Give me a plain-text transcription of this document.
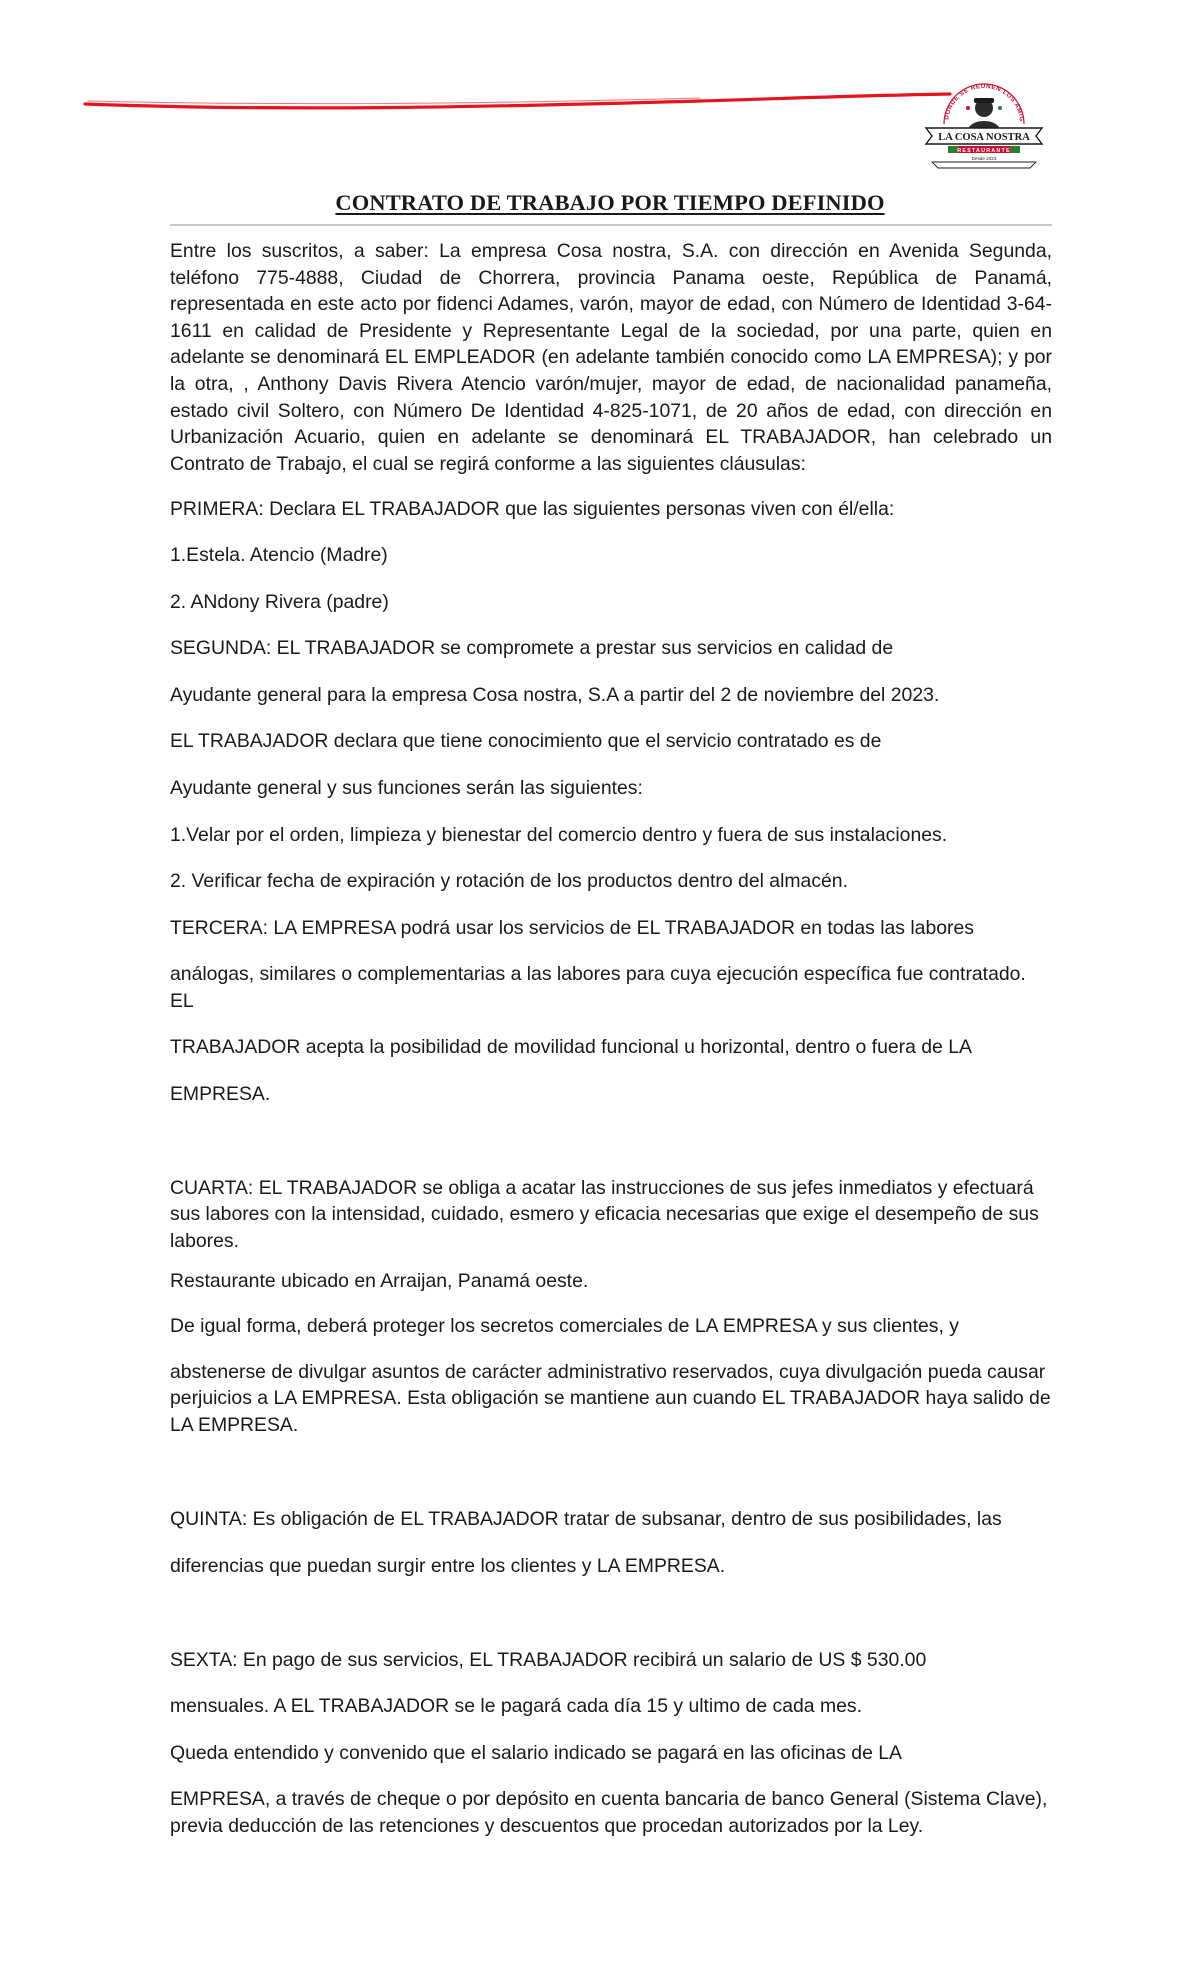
DONDE SE REUNEN LOS AMIG
LA COSA NOSTRA
RESTAURANTE
Desde 2023
CONTRATO DE TRABAJO POR TIEMPO DEFINIDO

Entre los suscritos, a saber: La empresa Cosa nostra, S.A. con dirección en Avenida Segunda, teléfono 775-4888, Ciudad de Chorrera, provincia Panama oeste, República de Panamá, representada en este acto por fidenci Adames, varón, mayor de edad, con Número de Identidad 3-64-1611 en calidad de Presidente y Representante Legal de la sociedad, por una parte, quien en adelante se denominará EL EMPLEADOR (en adelante también conocido como LA EMPRESA); y por la otra, , Anthony Davis Rivera Atencio varón/mujer, mayor de edad, de nacionalidad panameña, estado civil Soltero, con Número De Identidad 4-825-1071, de 20 años de edad, con dirección en Urbanización Acuario, quien en adelante se denominará EL TRABAJADOR, han celebrado un Contrato de Trabajo, el cual se regirá conforme a las siguientes cláusulas:

PRIMERA: Declara EL TRABAJADOR que las siguientes personas viven con él/ella:

1.Estela. Atencio (Madre)

2. ANdony Rivera (padre)

SEGUNDA: EL TRABAJADOR se compromete a prestar sus servicios en calidad de

Ayudante general para la empresa Cosa nostra, S.A a partir del 2 de noviembre del 2023.

EL TRABAJADOR declara que tiene conocimiento que el servicio contratado es de

Ayudante general y sus funciones serán las siguientes:

1.Velar por el orden, limpieza y bienestar del comercio dentro y fuera de sus instalaciones.

2. Verificar fecha de expiración y rotación de los productos dentro del almacén.

TERCERA: LA EMPRESA podrá usar los servicios de EL TRABAJADOR en todas las labores

análogas, similares o complementarias a las labores para cuya ejecución específica fue contratado. EL

TRABAJADOR acepta la posibilidad de movilidad funcional u horizontal, dentro o fuera de LA

EMPRESA.

CUARTA: EL TRABAJADOR se obliga a acatar las instrucciones de sus jefes inmediatos y efectuará sus labores con la intensidad, cuidado, esmero y eficacia necesarias que exige el desempeño de sus labores.

Restaurante ubicado en Arraijan, Panamá oeste.

De igual forma, deberá proteger los secretos comerciales de LA EMPRESA y sus clientes, y

abstenerse de divulgar asuntos de carácter administrativo reservados, cuya divulgación pueda causar perjuicios a LA EMPRESA. Esta obligación se mantiene aun cuando EL TRABAJADOR haya salido de LA EMPRESA.

QUINTA: Es obligación de EL TRABAJADOR tratar de subsanar, dentro de sus posibilidades, las

diferencias que puedan surgir entre los clientes y LA EMPRESA.

SEXTA: En pago de sus servicios, EL TRABAJADOR recibirá un salario de US $ 530.00

mensuales. A EL TRABAJADOR se le pagará cada día 15 y ultimo de cada mes.

Queda entendido y convenido que el salario indicado se pagará en las oficinas de LA

EMPRESA, a través de cheque o por depósito en cuenta bancaria de banco General (Sistema Clave), previa deducción de las retenciones y descuentos que procedan autorizados por la Ley.
